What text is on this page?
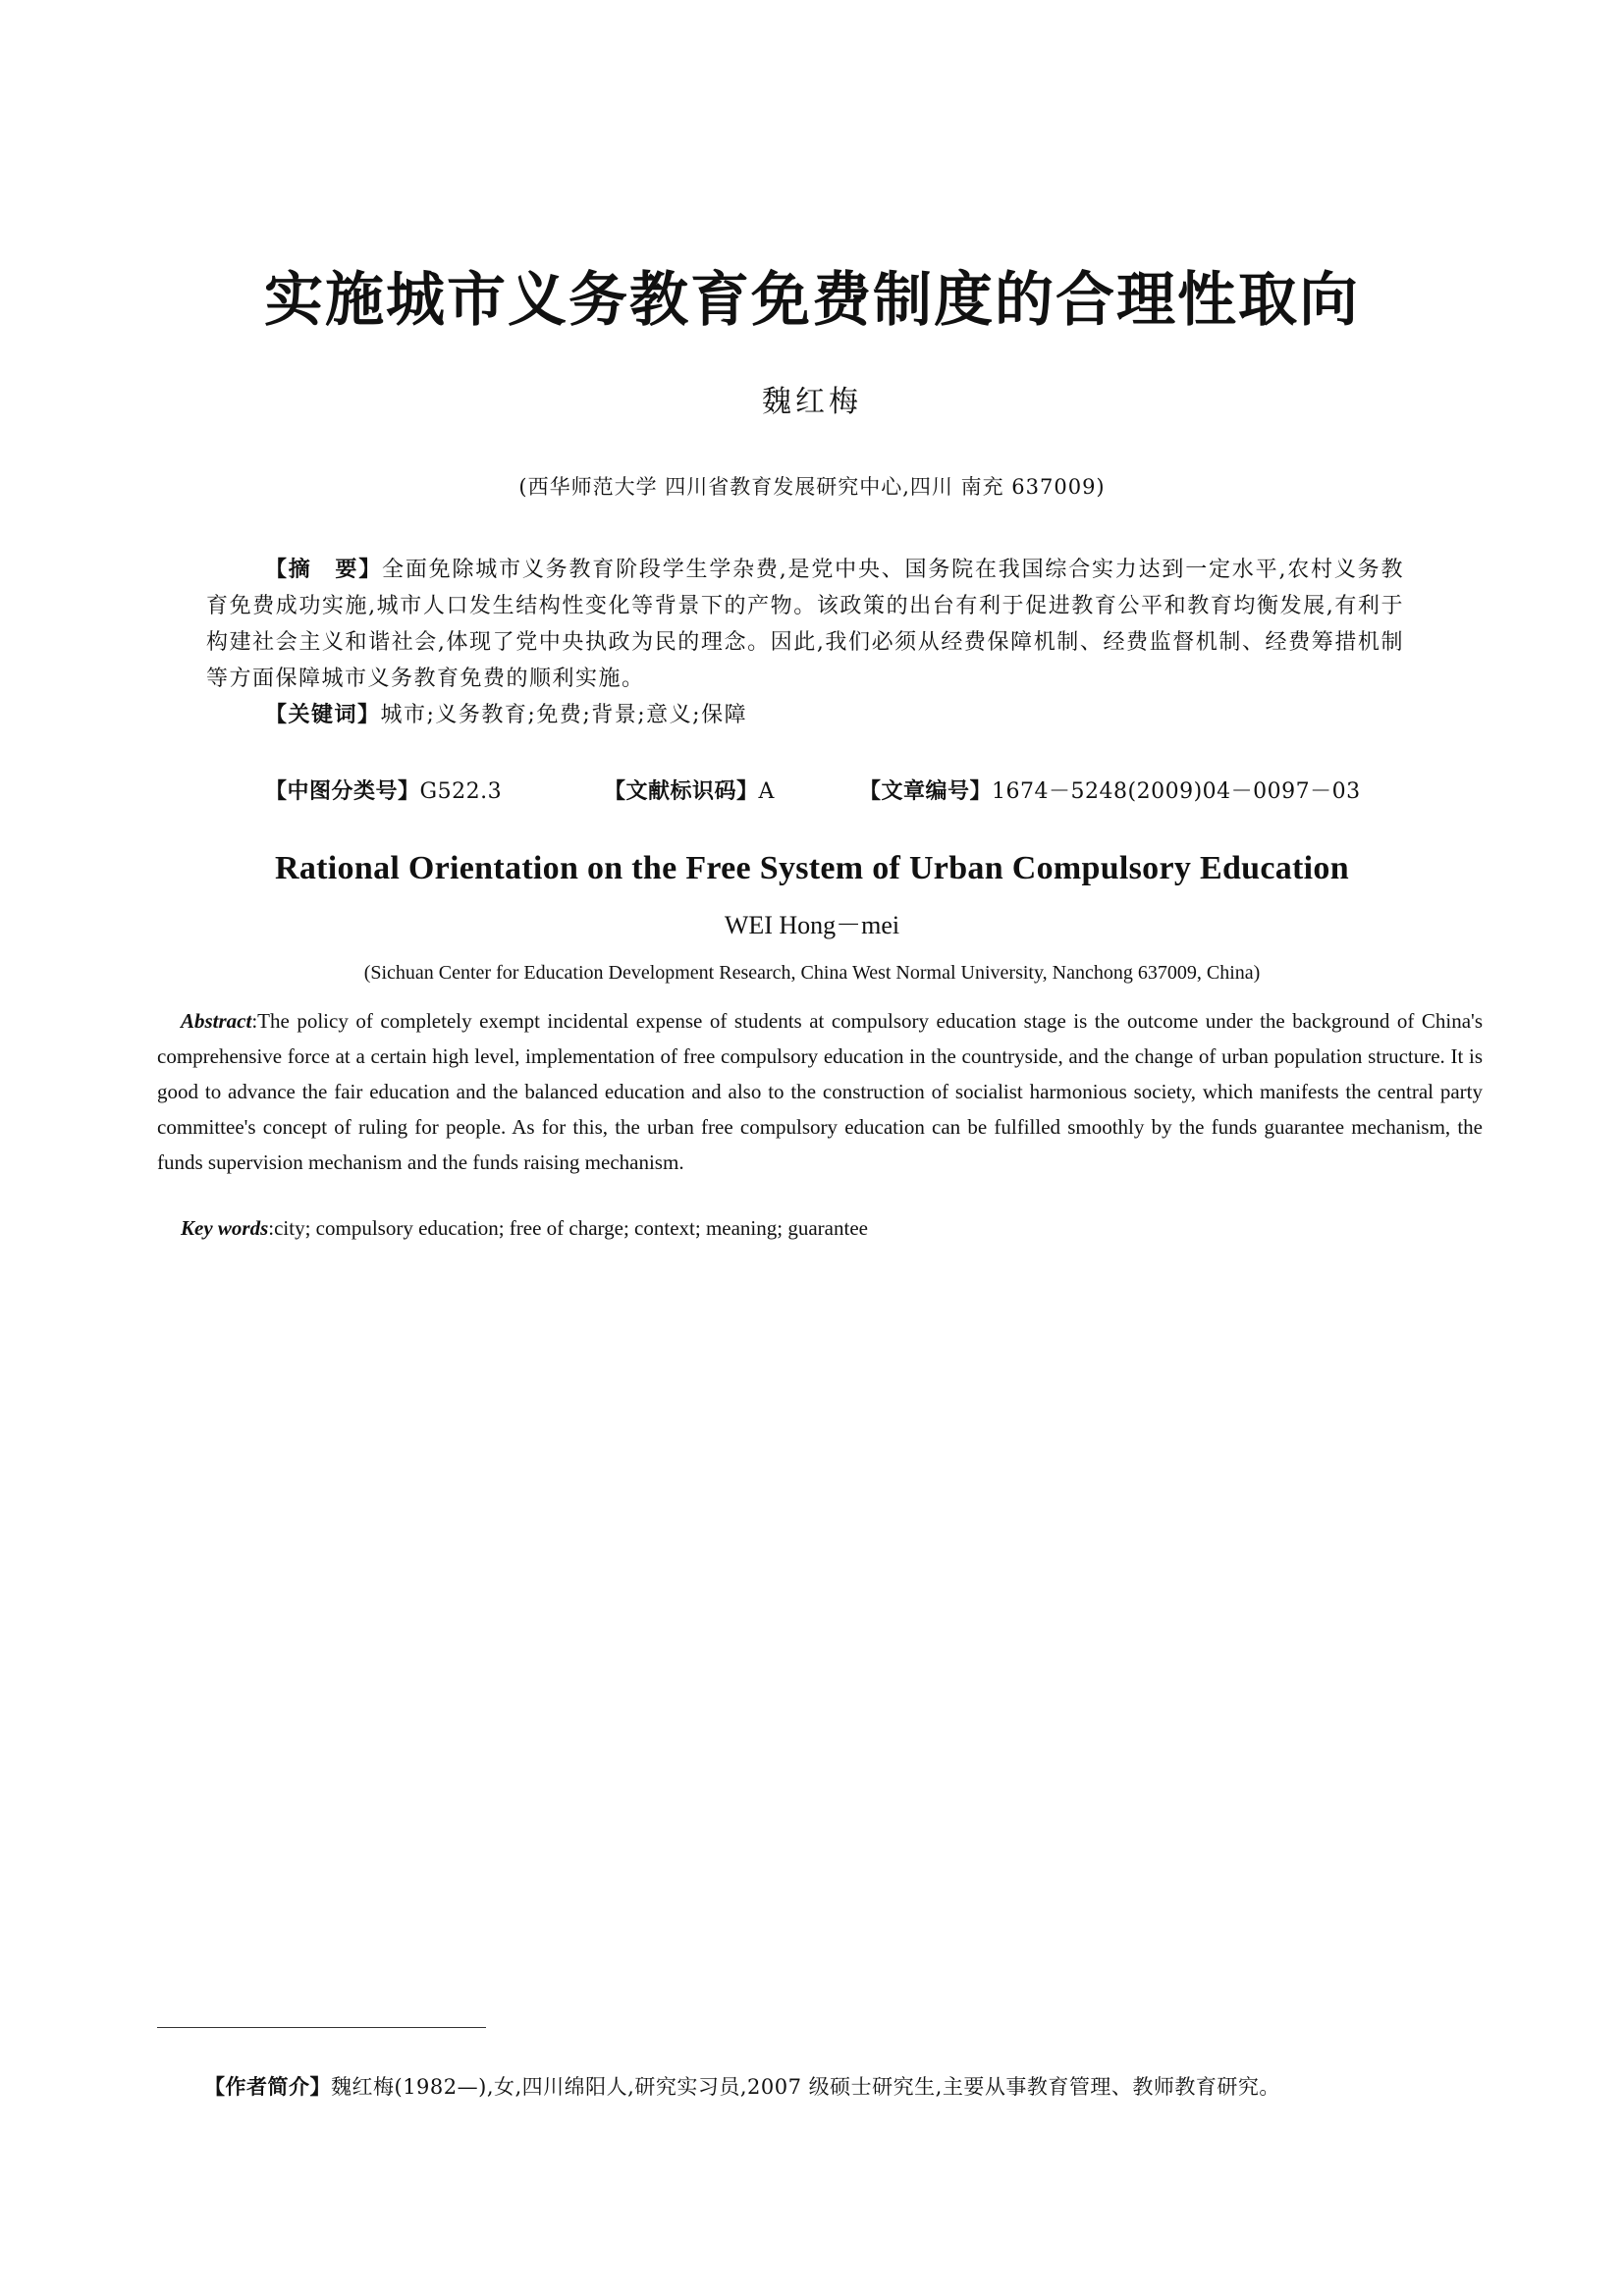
实施城市义务教育免费制度的合理性取向
魏红梅
(西华师范大学 四川省教育发展研究中心,四川 南充 637009)
【摘　要】全面免除城市义务教育阶段学生学杂费,是党中央、国务院在我国综合实力达到一定水平,农村义务教育免费成功实施,城市人口发生结构性变化等背景下的产物。该政策的出台有利于促进教育公平和教育均衡发展,有利于构建社会主义和谐社会,体现了党中央执政为民的理念。因此,我们必须从经费保障机制、经费监督机制、经费筹措机制等方面保障城市义务教育免费的顺利实施。
【关键词】城市;义务教育;免费;背景;意义;保障
【中图分类号】G522.3	【文献标识码】A	【文章编号】1674－5248(2009)04－0097－03
Rational Orientation on the Free System of Urban Compulsory Education
WEI Hong－mei
(Sichuan Center for Education Development Research, China West Normal University, Nanchong 637009, China)
Abstract:The policy of completely exempt incidental expense of students at compulsory education stage is the outcome under the background of China's comprehensive force at a certain high level, implementation of free compulsory education in the countryside, and the change of urban population structure. It is good to advance the fair education and the balanced education and also to the construction of socialist harmonious society, which manifests the central party committee's concept of ruling for people. As for this, the urban free compulsory education can be fulfilled smoothly by the funds guarantee mechanism, the funds supervision mechanism and the funds raising mechanism.
Key words:city; compulsory education; free of charge; context; meaning; guarantee
【作者简介】魏红梅(1982—),女,四川绵阳人,研究实习员,2007 级硕士研究生,主要从事教育管理、教师教育研究。
